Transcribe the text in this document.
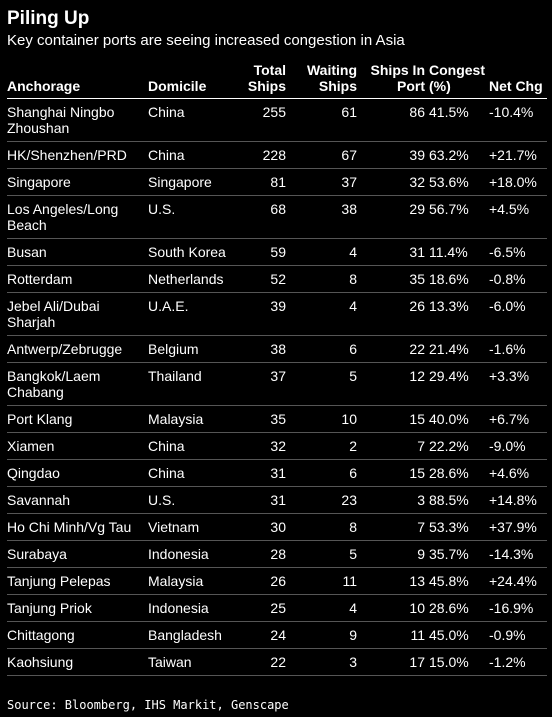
Piling Up
Key container ports are seeing increased congestion in Asia
Anchorage	Domicile	Total Ships	Waiting Ships	Ships In Port	Congest (%)	Net Chg
Shanghai Ningbo Zhoushan	China	255	61	86	41.5%	-10.4%
HK/Shenzhen/PRD	China	228	67	39	63.2%	+21.7%
Singapore	Singapore	81	37	32	53.6%	+18.0%
Los Angeles/Long Beach	U.S.	68	38	29	56.7%	+4.5%
Busan	South Korea	59	4	31	11.4%	-6.5%
Rotterdam	Netherlands	52	8	35	18.6%	-0.8%
Jebel Ali/Dubai Sharjah	U.A.E.	39	4	26	13.3%	-6.0%
Antwerp/Zebrugge	Belgium	38	6	22	21.4%	-1.6%
Bangkok/Laem Chabang	Thailand	37	5	12	29.4%	+3.3%
Port Klang	Malaysia	35	10	15	40.0%	+6.7%
Xiamen	China	32	2	7	22.2%	-9.0%
Qingdao	China	31	6	15	28.6%	+4.6%
Savannah	U.S.	31	23	3	88.5%	+14.8%
Ho Chi Minh/Vg Tau	Vietnam	30	8	7	53.3%	+37.9%
Surabaya	Indonesia	28	5	9	35.7%	-14.3%
Tanjung Pelepas	Malaysia	26	11	13	45.8%	+24.4%
Tanjung Priok	Indonesia	25	4	10	28.6%	-16.9%
Chittagong	Bangladesh	24	9	11	45.0%	-0.9%
Kaohsiung	Taiwan	22	3	17	15.0%	-1.2%
Source: Bloomberg, IHS Markit, Genscape
